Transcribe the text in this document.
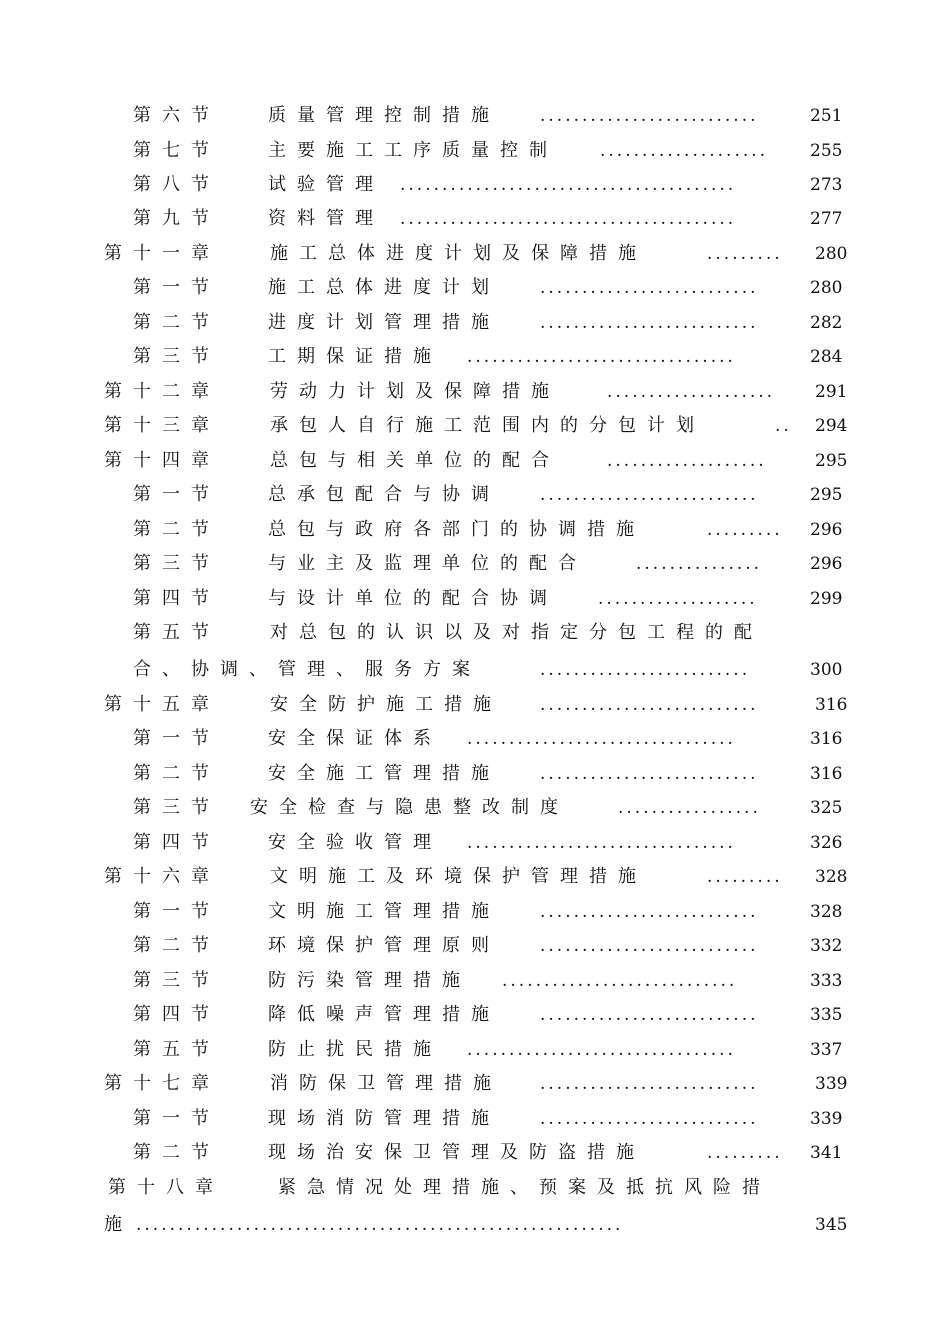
第六节	质量管理控制措施 ..........................	251
第七节	主要施工工序质量控制 ....................	255
第八节	试验管理 ........................................	273
第九节	资料管理 ........................................	277
第十一章	施工总体进度计划及保障措施	.........	280
第一节	施工总体进度计划 ..........................	280
第二节	进度计划管理措施 ..........................	282
第三节	工期保证措施 ................................	284
第十二章	劳动力计划及保障措施	....................	291
第十三章	承包人自行施工范围内的分包计划	..	294
第十四章	总包与相关单位的配合	...................	295
第一节	总承包配合与协调 ..........................	295
第二节	总包与政府各部门的协调措施	.........	296
第三节	与业主及监理单位的配合	...............	296
第四节	与设计单位的配合协调 ...................	299
第五节	对总包的认识以及对指定分包工程的配
合、协调、管理、服务方案	.........................	300
第十五章	安全防护施工措施 ..........................	316
第一节	安全保证体系 ................................	316
第二节	安全施工管理措施 ..........................	316
第三节 安全检查与隐患整改制度	.................	325
第四节	安全验收管理 ................................	326
第十六章	文明施工及环境保护管理措施	.........	328
第一节	文明施工管理措施 ..........................	328
第二节	环境保护管理原则 ..........................	332
第三节	防污染管理措施 ............................	333
第四节	降低噪声管理措施 ..........................	335
第五节	防止扰民措施 ................................	337
第十七章	消防保卫管理措施 ..........................	339
第一节	现场消防管理措施 ..........................	339
第二节	现场治安保卫管理及防盗措施	.........	341
第十八章	紧急情况处理措施、预案及抵抗风险措
施 ..........................................................	345
